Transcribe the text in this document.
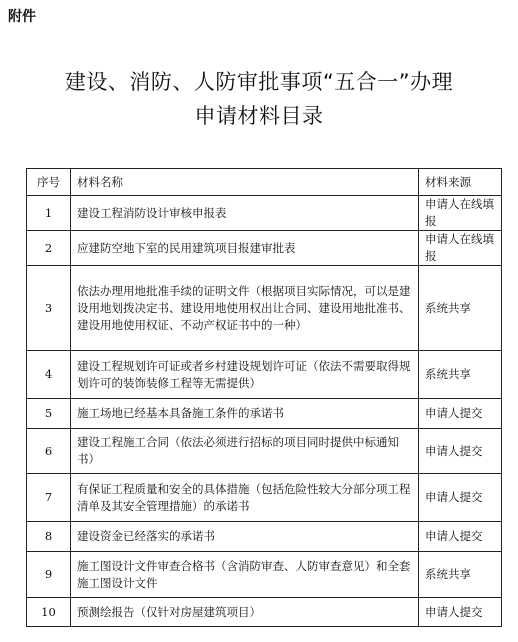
附件
建设、消防、人防审批事项“五合一”办理
申请材料目录
序号	材料名称	材料来源
1	建设工程消防设计审核申报表	申请人在线填报
2	应建防空地下室的民用建筑项目报建审批表	申请人在线填报
3	依法办理用地批准手续的证明文件（根据项目实际情况，可以是建设用地划拨决定书、建设用地使用权出让合同、建设用地批准书、建设用地使用权证、不动产权证书中的一种）	系统共享
4	建设工程规划许可证或者乡村建设规划许可证（依法不需要取得规划许可的装饰装修工程等无需提供）	系统共享
5	施工场地已经基本具备施工条件的承诺书	申请人提交
6	建设工程施工合同（依法必须进行招标的项目同时提供中标通知书）	申请人提交
7	有保证工程质量和安全的具体措施（包括危险性较大分部分项工程清单及其安全管理措施）的承诺书	申请人提交
8	建设资金已经落实的承诺书	申请人提交
9	施工图设计文件审查合格书（含消防审查、人防审查意见）和全套施工图设计文件	系统共享
10	预测绘报告（仅针对房屋建筑项目）	申请人提交
